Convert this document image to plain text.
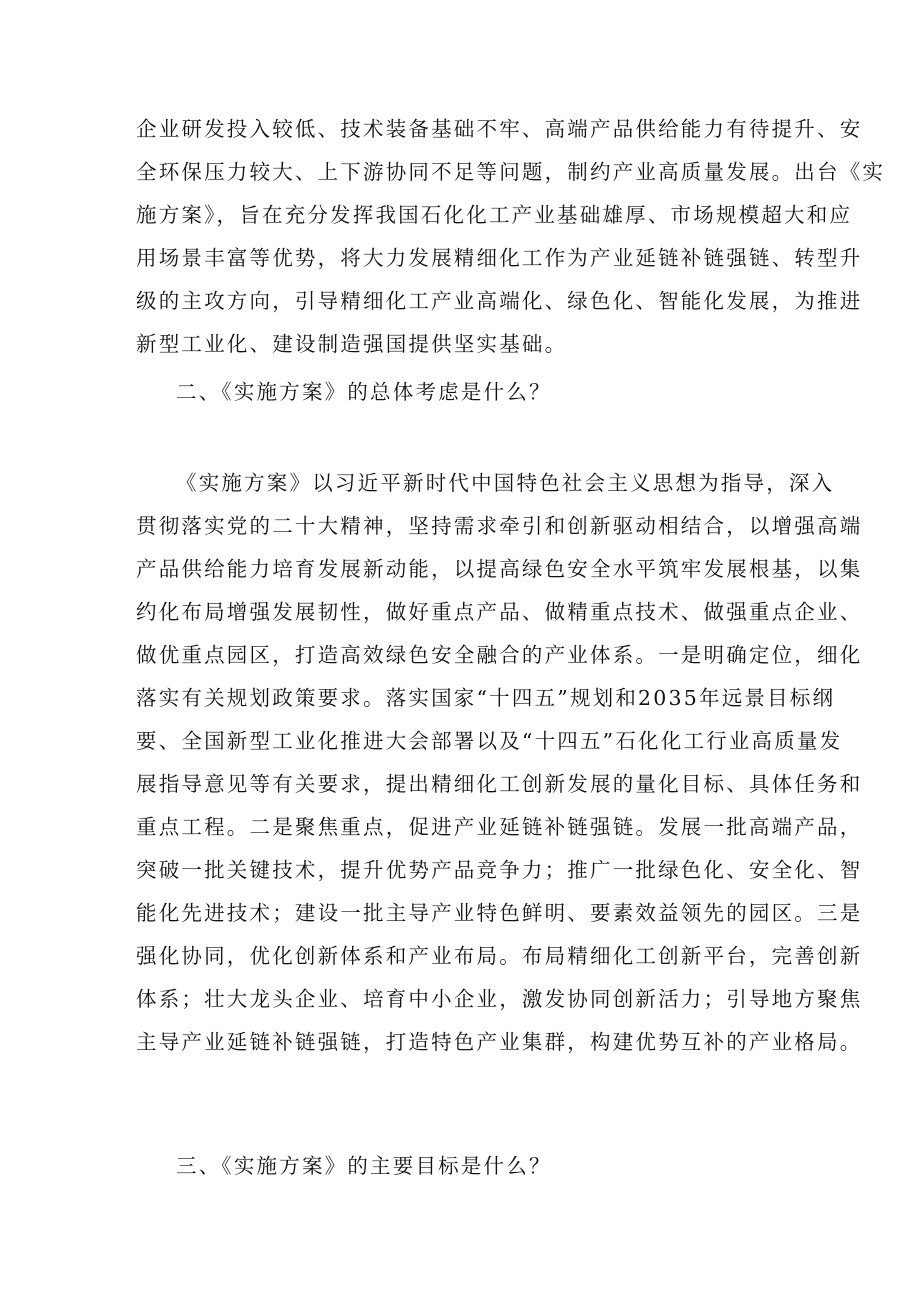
企业研发投入较低、技术装备基础不牢、高端产品供给能力有待提升、安
全环保压力较大、上下游协同不足等问题，制约产业高质量发展。出台《实
施方案》，旨在充分发挥我国石化化工产业基础雄厚、市场规模超大和应
用场景丰富等优势，将大力发展精细化工作为产业延链补链强链、转型升
级的主攻方向，引导精细化工产业高端化、绿色化、智能化发展，为推进
新型工业化、建设制造强国提供坚实基础。

二、《实施方案》的总体考虑是什么？

《实施方案》以习近平新时代中国特色社会主义思想为指导，深入
贯彻落实党的二十大精神，坚持需求牵引和创新驱动相结合，以增强高端
产品供给能力培育发展新动能，以提高绿色安全水平筑牢发展根基，以集
约化布局增强发展韧性，做好重点产品、做精重点技术、做强重点企业、
做优重点园区，打造高效绿色安全融合的产业体系。一是明确定位，细化
落实有关规划政策要求。落实国家“十四五”规划和2035年远景目标纲
要、全国新型工业化推进大会部署以及“十四五”石化化工行业高质量发
展指导意见等有关要求，提出精细化工创新发展的量化目标、具体任务和
重点工程。二是聚焦重点，促进产业延链补链强链。发展一批高端产品，
突破一批关键技术，提升优势产品竞争力；推广一批绿色化、安全化、智
能化先进技术；建设一批主导产业特色鲜明、要素效益领先的园区。三是
强化协同，优化创新体系和产业布局。布局精细化工创新平台，完善创新
体系；壮大龙头企业、培育中小企业，激发协同创新活力；引导地方聚焦
主导产业延链补链强链，打造特色产业集群，构建优势互补的产业格局。

三、《实施方案》的主要目标是什么？
